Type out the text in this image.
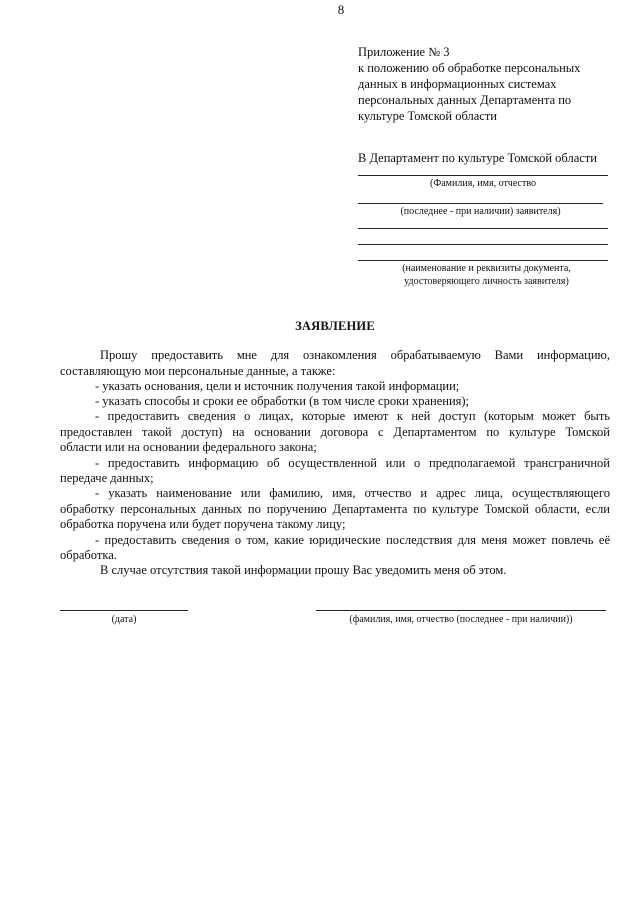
8
Приложение № 3
к положению об обработке персональных
данных в информационных системах
персональных данных Департамента по
культуре Томской области
В Департамент по культуре Томской области
(Фамилия, имя, отчество
(последнее - при наличии) заявителя)
(наименование и реквизиты документа,
удостоверяющего личность заявителя)
ЗАЯВЛЕНИЕ
Прошу предоставить мне для ознакомления обрабатываемую Вами информацию,
составляющую мои персональные данные, а также:
- указать основания, цели и источник получения такой информации;
- указать способы и сроки ее обработки (в том числе сроки хранения);
- предоставить сведения о лицах, которые имеют к ней доступ (которым может быть
предоставлен такой доступ) на основании договора с Департаментом по культуре Томской
области или на основании федерального закона;
- предоставить информацию об осуществленной или о предполагаемой трансграничной
передаче данных;
- указать наименование или фамилию, имя, отчество и адрес лица, осуществляющего
обработку персональных данных по поручению Департамента по культуре Томской области, если
обработка поручена или будет поручена такому лицу;
- предоставить сведения о том, какие юридические последствия для меня может повлечь её
обработка.
В случае отсутствия такой информации прошу Вас уведомить меня об этом.
(дата)	(фамилия, имя, отчество (последнее - при наличии))
